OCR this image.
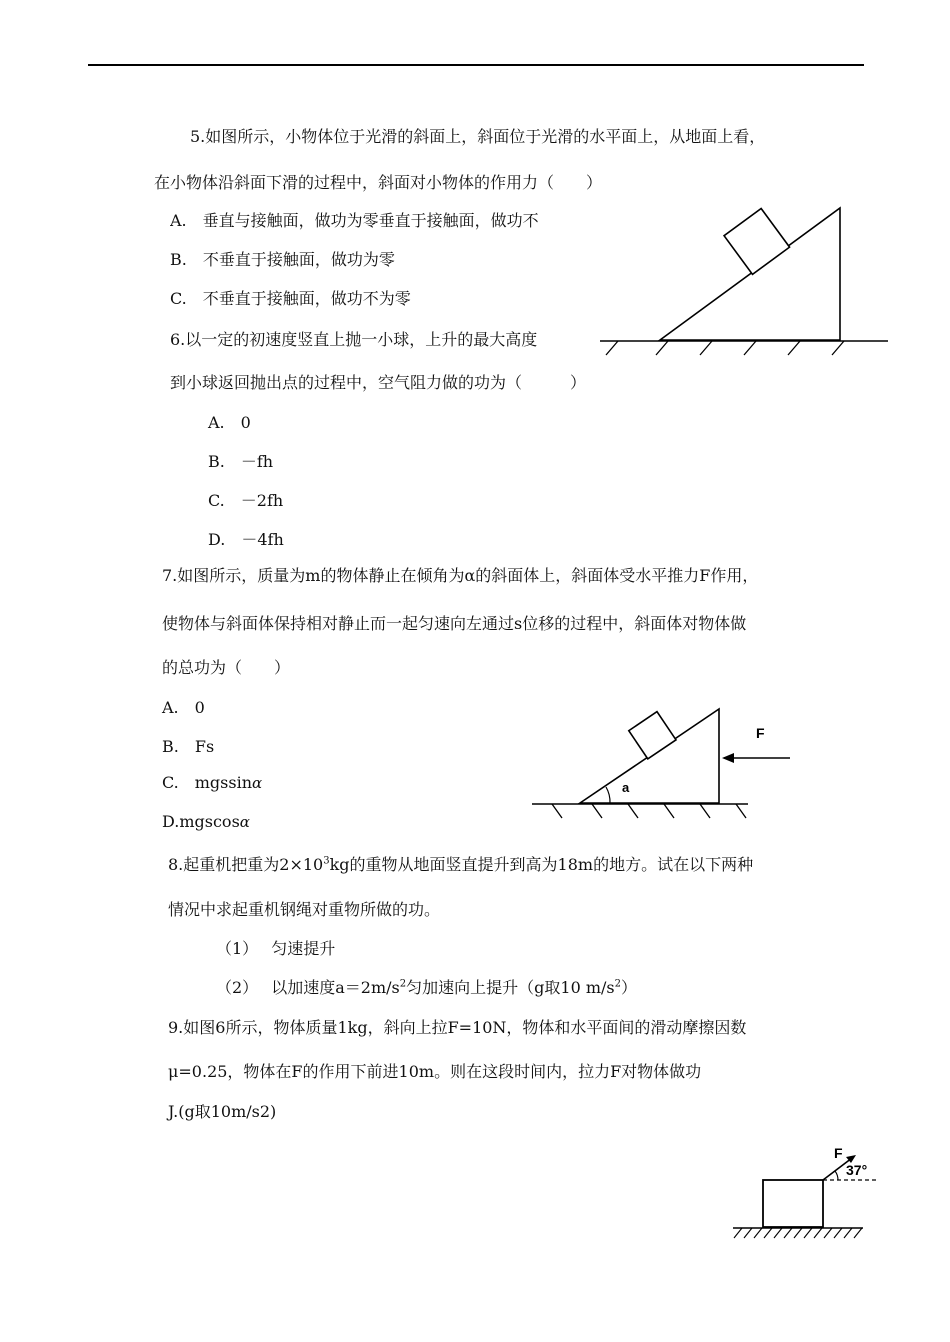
5.如图所示，小物体位于光滑的斜面上，斜面位于光滑的水平面上，从地面上看，
在小物体沿斜面下滑的过程中，斜面对小物体的作用力（　　）
A.　垂直与接触面，做功为零垂直于接触面，做功不
B.　不垂直于接触面，做功为零
C.　不垂直于接触面，做功不为零
6.以一定的初速度竖直上抛一小球，上升的最大高度
到小球返回抛出点的过程中，空气阻力做的功为（　　　）
A.　0
B.　－fh
C.　－2fh
D.　－4fh
7.如图所示，质量为m的物体静止在倾角为α的斜面体上，斜面体受水平推力F作用，
使物体与斜面体保持相对静止而一起匀速向左通过s位移的过程中，斜面体对物体做
的总功为（　　）
A.　0
B.　Fs
C.　mgssinα
D.mgscosα
a
F
8.起重机把重为$2\times 10^3kg$的重物从地面竖直提升到高为18m的地方。试在以下两种
情况中求起重机钢绳对重物所做的功。
（1）　 匀速提升
（2）　 以加速度$a=2m/s^2$匀加速向上提升（g取10 $m/s^2$）
9.如图6所示，物体质量1kg，斜向上拉F=10N，物体和水平面间的滑动摩擦因数
μ=0.25，物体在F的作用下前进10m。则在这段时间内，拉力F对物体做功
J.(g取10m/s2)
F
37°
